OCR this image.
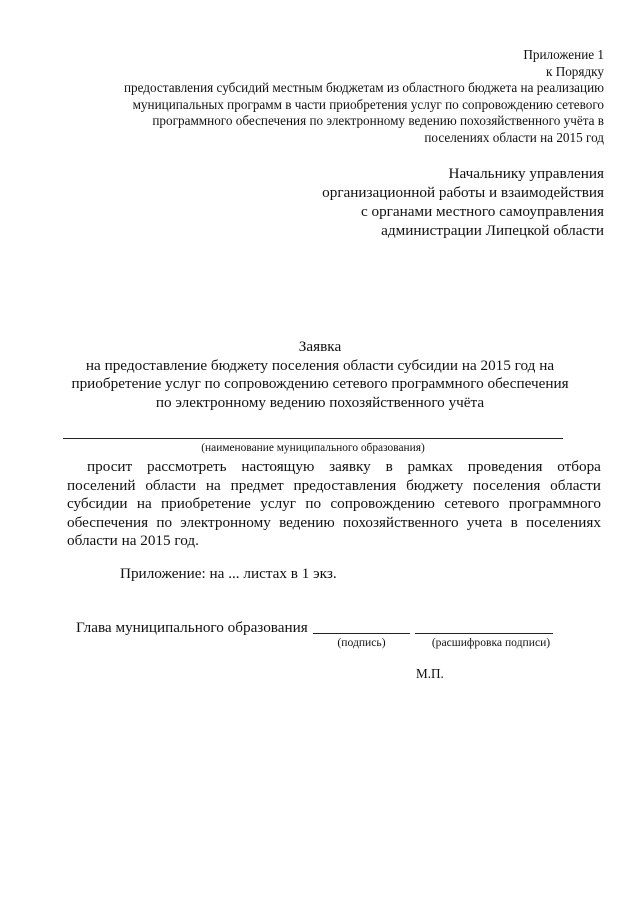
Приложение 1
к Порядку
предоставления субсидий местным бюджетам из областного бюджета на реализацию
муниципальных программ в части приобретения услуг по сопровождению сетевого
программного обеспечения по электронному ведению похозяйственного учёта в
поселениях области на 2015 год
Начальнику управления
организационной работы и взаимодействия
с органами местного самоуправления
администрации Липецкой области
Заявка
на предоставление бюджету поселения области субсидии на 2015 год на
приобретение услуг по сопровождению сетевого программного обеспечения
по электронному ведению похозяйственного учёта
(наименование муниципального образования)
просит рассмотреть настоящую заявку в рамках проведения отбора
поселений области на предмет предоставления бюджету поселения области
субсидии на приобретение услуг по сопровождению сетевого программного
обеспечения по электронному ведению похозяйственного учета в поселениях
области на 2015 год.
Приложение: на ... листах в 1 экз.
Глава муниципального образования
(подпись)	(расшифровка подписи)
М.П.
